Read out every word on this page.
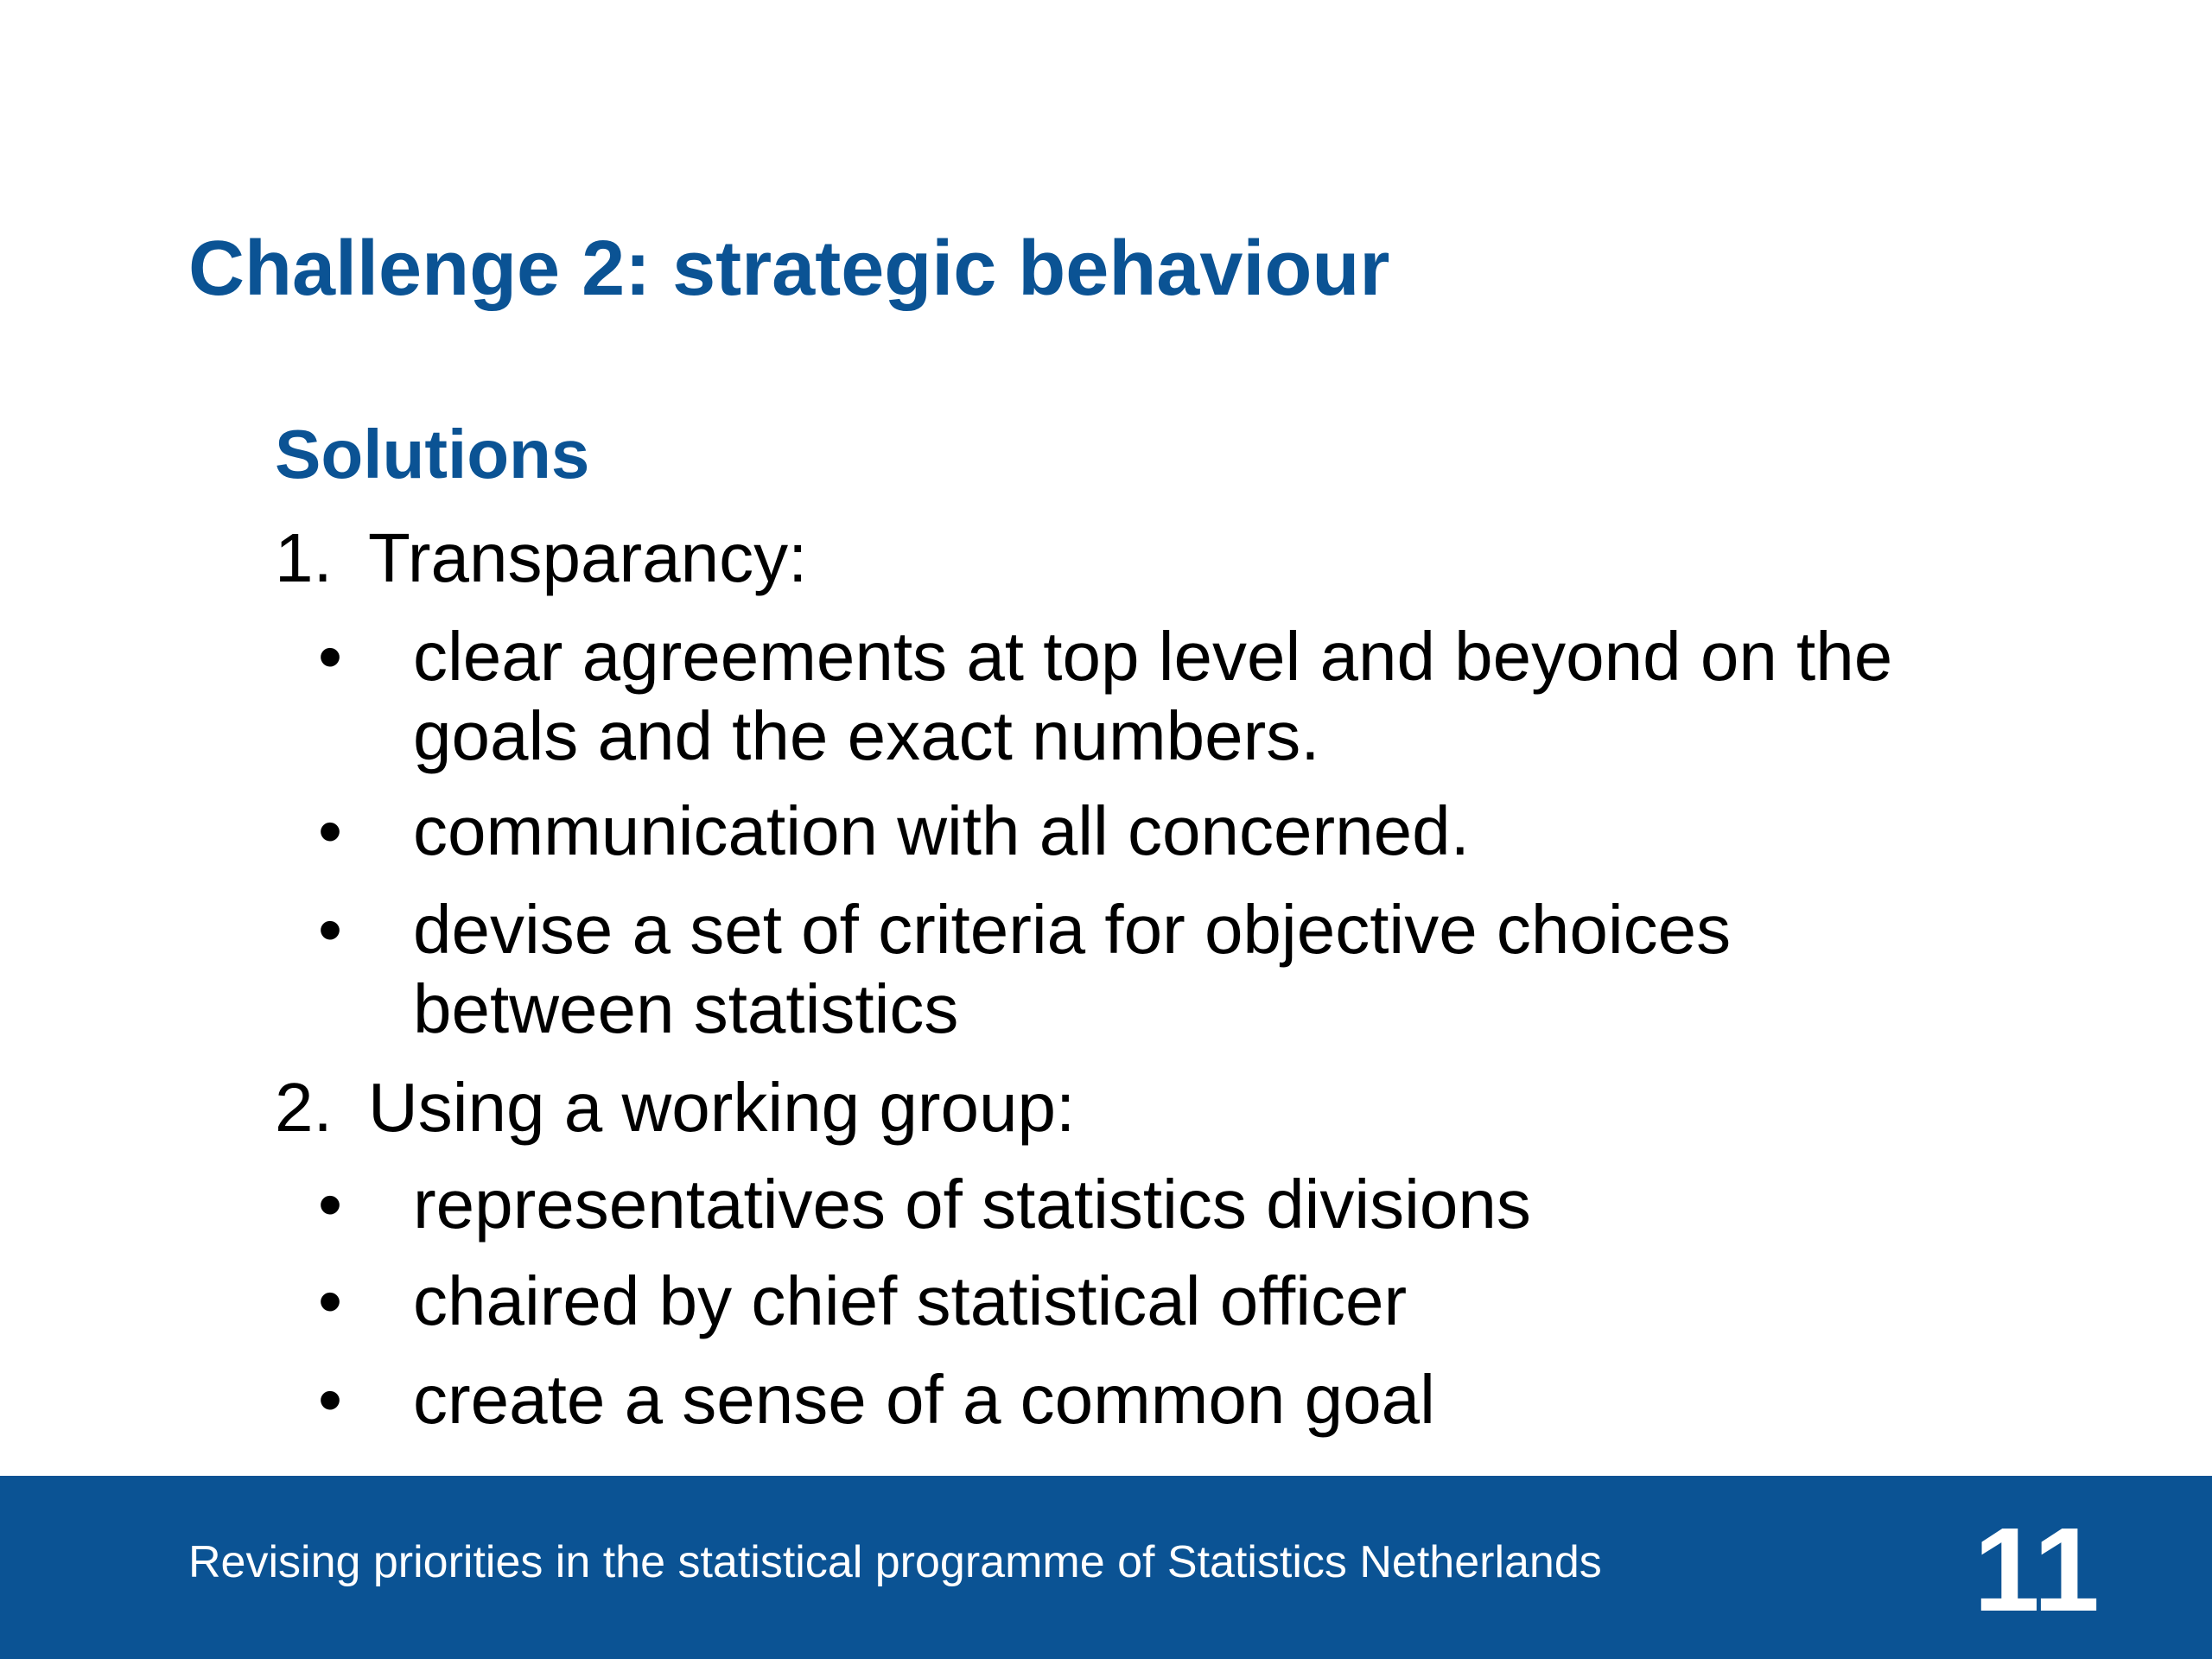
Challenge 2: strategic behaviour
Solutions
1. Transparancy:
• clear agreements at top level and beyond on the
goals and the exact numbers.
• communication with all concerned.
• devise a set of criteria for objective choices
between statistics
2. Using a working group:
• representatives of statistics divisions
• chaired by chief statistical officer
• create a sense of a common goal

Revising priorities in the statistical programme of Statistics Netherlands	11
